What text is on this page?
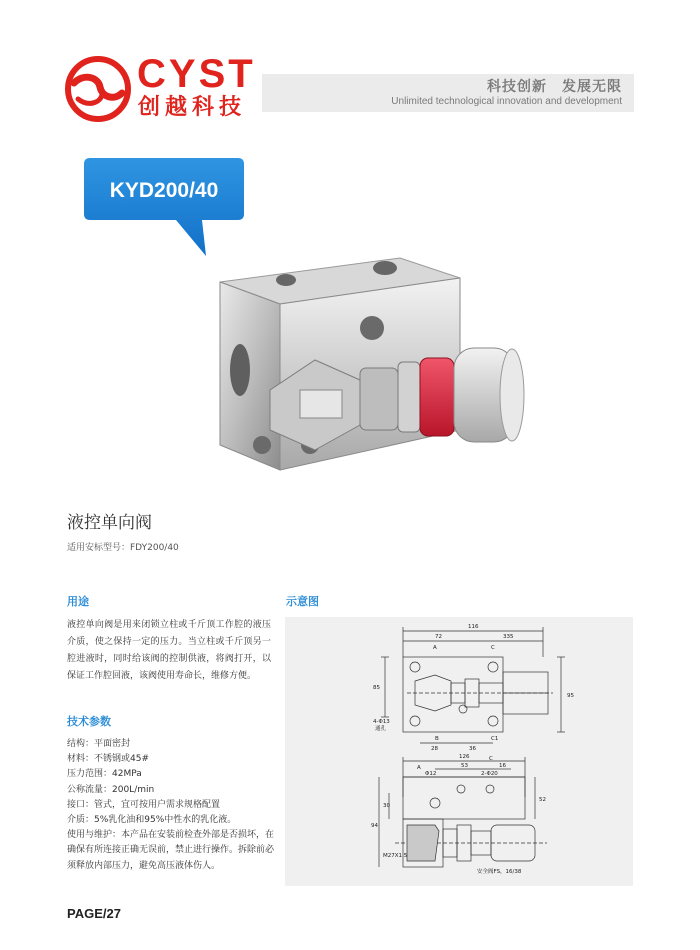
CYST
创越科技
科技创新　发展无限
Unlimited technological innovation and development
KYD200/40
液控单向阀
适用安标型号：FDY200/40
用途

液控单向阀是用来闭锁立柱或千斤顶工作腔的液压介质，使之保持一定的压力。当立柱或千斤顶另一腔进液时，同时给该阀的控制供液，将阀打开，以保证工作腔回液，该阀使用寿命长，维修方便。

技术参数
结构：平面密封
材料：不锈钢或45#
压力范围：42MPa
公称流量：200L/min
接口：管式，宜可按用户需求规格配置
介质：5%乳化油和95%中性水的乳化液。
使用与维护：本产品在安装前检查外部是否损坏，在确保有所连接正确无误前，禁止进行操作。拆除前必须释放内部压力，避免高压液体伤人。
示意图
116
72	335
85
95
4-Φ13
通孔
28	36
A
B
C
C1
126
53	16
Φ12	2-Φ20
A
C
30
94
52
M27X1.5
安全阀FS，16/38
PAGE/27
